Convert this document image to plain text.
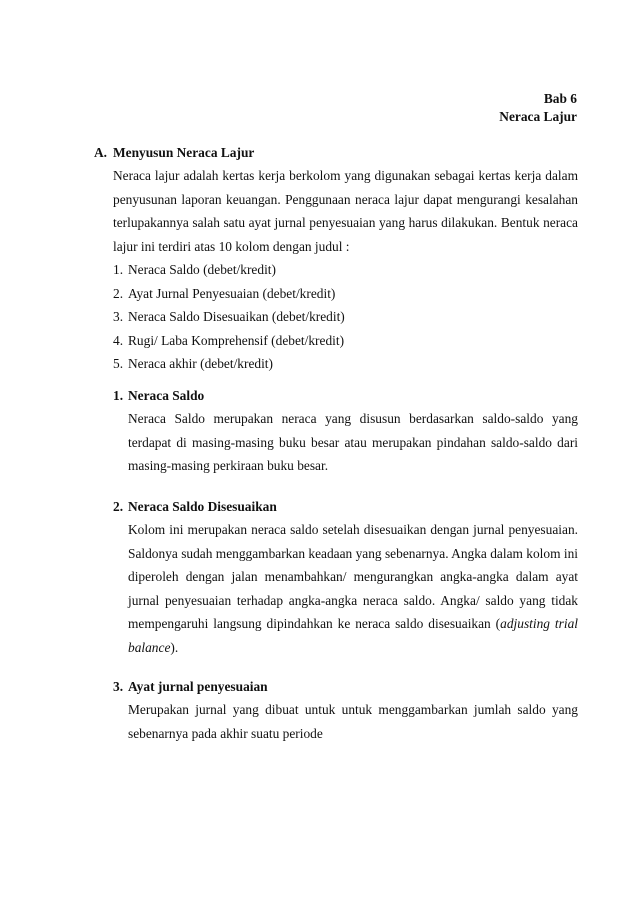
Bab 6
Neraca Lajur
A. Menyusun Neraca Lajur
Neraca lajur adalah kertas kerja berkolom yang digunakan sebagai kertas kerja dalam penyusunan laporan keuangan. Penggunaan neraca lajur dapat mengurangi kesalahan terlupakannya salah satu ayat jurnal penyesuaian yang harus dilakukan. Bentuk neraca lajur ini terdiri atas 10 kolom dengan judul :
1. Neraca Saldo (debet/kredit)
2. Ayat Jurnal Penyesuaian (debet/kredit)
3. Neraca Saldo Disesuaikan (debet/kredit)
4. Rugi/ Laba Komprehensif (debet/kredit)
5. Neraca akhir (debet/kredit)
1. Neraca Saldo
Neraca Saldo merupakan neraca yang disusun berdasarkan saldo-saldo yang terdapat di masing-masing buku besar atau merupakan pindahan saldo-saldo dari masing-masing perkiraan buku besar.
2. Neraca Saldo Disesuaikan
Kolom ini merupakan neraca saldo setelah disesuaikan dengan jurnal penyesuaian. Saldonya sudah menggambarkan keadaan yang sebenarnya. Angka dalam kolom ini diperoleh dengan jalan menambahkan/ mengurangkan angka-angka dalam ayat jurnal penyesuaian terhadap angka-angka neraca saldo. Angka/ saldo yang tidak mempengaruhi langsung dipindahkan ke neraca saldo disesuaikan (adjusting trial balance).
3. Ayat jurnal penyesuaian
Merupakan jurnal yang dibuat untuk untuk menggambarkan jumlah saldo yang sebenarnya pada akhir suatu periode
